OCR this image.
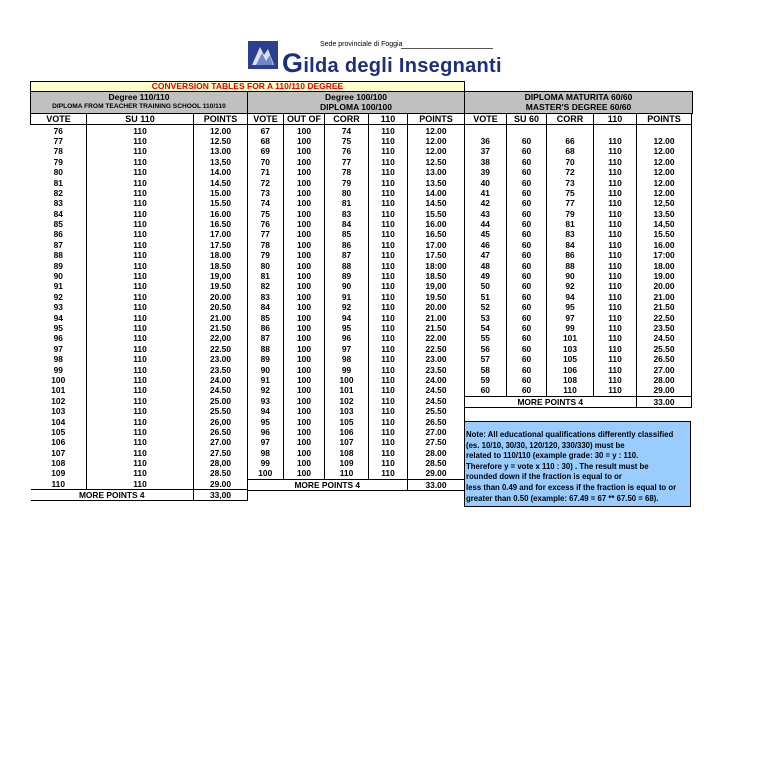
Sede provinciale di Foggia
Gilda degli Insegnanti
CONVERSION TABLES FOR A 110/110 DEGREE
Degree 110/110
DIPLOMA FROM TEACHER TRAINING SCHOOL 110/110
Degree 100/100
DIPLOMA 100/100
DIPLOMA MATURITA 60/60
MASTER'S DEGREE 60/60
VOTE	SU 110	POINTS
76	110	12.00
77	110	12.50
78	110	13.00
79	110	13,50
80	110	14.00
81	110	14.50
82	110	15.00
83	110	15.50
84	110	16.00
85	110	16.50
86	110	17.00
87	110	17.50
88	110	18.00
89	110	18.50
90	110	19,00
91	110	19.50
92	110	20.00
93	110	20.50
94	110	21.00
95	110	21.50
96	110	22,00
97	110	22.50
98	110	23.00
99	110	23.50
100	110	24.00
101	110	24.50
102	110	25.00
103	110	25.50
104	110	26,00
105	110	26.50
106	110	27.00
107	110	27.50
108	110	28,00
109	110	28.50
110	110	29.00
MORE POINTS 4		33,00
VOTE	OUT OF	CORR	110	POINTS
67	100	74	110	12.00
68	100	75	110	12.00
69	100	76	110	12.00
70	100	77	110	12.50
71	100	78	110	13.00
72	100	79	110	13.50
73	100	80	110	14.00
74	100	81	110	14.50
75	100	83	110	15.50
76	100	84	110	16.00
77	100	85	110	16.50
78	100	86	110	17.00
79	100	87	110	17.50
80	100	88	110	18:00
81	100	89	110	18.50
82	100	90	110	19,00
83	100	91	110	19.50
84	100	92	110	20.00
85	100	94	110	21.00
86	100	95	110	21.50
87	100	96	110	22.00
88	100	97	110	22.50
89	100	98	110	23.00
90	100	99	110	23.50
91	100	100	110	24.00
92	100	101	110	24.50
93	100	102	110	24.50
94	100	103	110	25.50
95	100	105	110	26.50
96	100	106	110	27.00
97	100	107	110	27.50
98	100	108	110	28.00
99	100	109	110	28.50
100	100	110	110	29.00
MORE POINTS 4				33.00
VOTE	SU 60	CORR	110	POINTS

36	60	66	110	12.00
37	60	68	110	12.00
38	60	70	110	12.00
39	60	72	110	12.00
40	60	73	110	12.00
41	60	75	110	12.00
42	60	77	110	12,50
43	60	79	110	13.50
44	60	81	110	14,50
45	60	83	110	15.50
46	60	84	110	16.00
47	60	86	110	17:00
48	60	88	110	18.00
49	60	90	110	19.00
50	60	92	110	20.00
51	60	94	110	21.00
52	60	95	110	21.50
53	60	97	110	22.50
54	60	99	110	23.50
55	60	101	110	24.50
56	60	103	110	25.50
57	60	105	110	26.50
58	60	106	110	27.00
59	60	108	110	28.00
60	60	110	110	29.00
MORE POINTS 4				33.00

Note: All educational qualifications differently classified

(es. 10/10, 30/30, 120/120, 330/330) must be

related to 110/110 (example grade: 30 = y : 110.

Therefore y = vote x 110 : 30) . The result must be

rounded down if the fraction is equal to or

less than 0.49 and for excess if the fraction is equal to or

greater than 0.50 (example: 67.49 = 67 ** 67.50 = 68).
